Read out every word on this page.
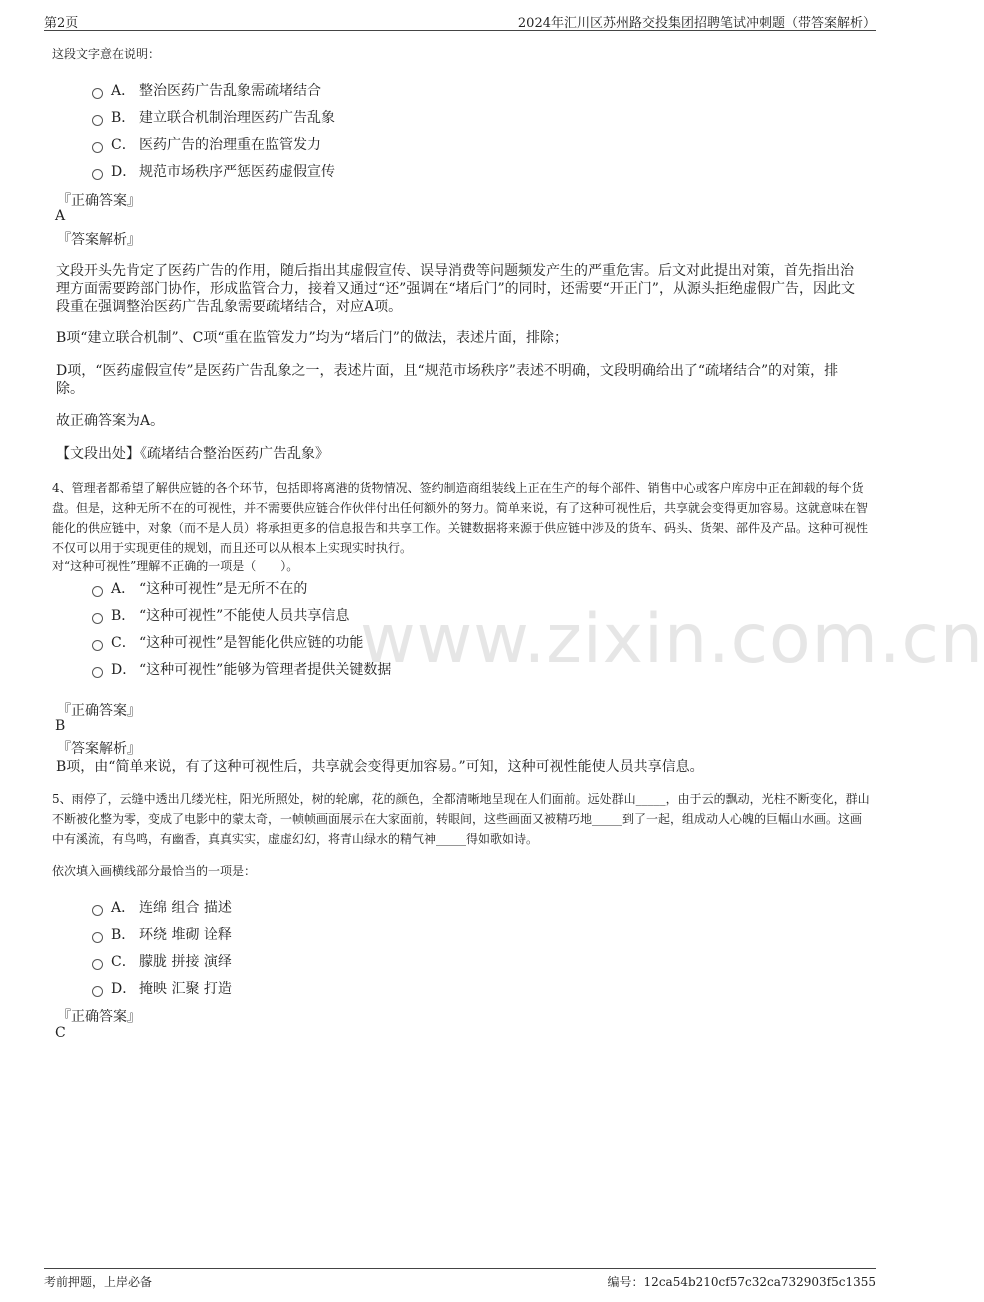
第2页	2024年汇川区苏州路交投集团招聘笔试冲刺题（带答案解析）
www.zixin.com.cn
这段文字意在说明：
A． 整治医药广告乱象需疏堵结合
B． 建立联合机制治理医药广告乱象
C． 医药广告的治理重在监管发力
D． 规范市场秩序严惩医药虚假宣传
『正确答案』
A
『答案解析』
文段开头先肯定了医药广告的作用，随后指出其虚假宣传、误导消费等问题频发产生的严重危害。后文对此提出对策，首先指出治理方面需要跨部门协作，形成监管合力，接着又通过“还”强调在“堵后门”的同时，还需要“开正门”，从源头拒绝虚假广告，因此文段重在强调整治医药广告乱象需要疏堵结合，对应A项。
B项“建立联合机制”、C项“重在监管发力”均为“堵后门”的做法，表述片面，排除；
D项，“医药虚假宣传”是医药广告乱象之一，表述片面，且“规范市场秩序”表述不明确，文段明确给出了“疏堵结合”的对策，排除。
故正确答案为A。
【文段出处】《疏堵结合整治医药广告乱象》
4、管理者都希望了解供应链的各个环节，包括即将离港的货物情况、签约制造商组装线上正在生产的每个部件、销售中心或客户库房中正在卸载的每个货盘。但是，这种无所不在的可视性，并不需要供应链合作伙伴付出任何额外的努力。简单来说，有了这种可视性后，共享就会变得更加容易。这就意味在智能化的供应链中，对象（而不是人员）将承担更多的信息报告和共享工作。关键数据将来源于供应链中涉及的货车、码头、货架、部件及产品。这种可视性不仅可以用于实现更佳的规划，而且还可以从根本上实现实时执行。
对“这种可视性”理解不正确的一项是（　　）。
A． “这种可视性”是无所不在的
B． “这种可视性”不能使人员共享信息
C． “这种可视性”是智能化供应链的功能
D． “这种可视性”能够为管理者提供关键数据
『正确答案』
B
『答案解析』
B项，由“简单来说，有了这种可视性后，共享就会变得更加容易。”可知，这种可视性能使人员共享信息。
5、雨停了，云缝中透出几缕光柱，阳光所照处，树的轮廓，花的颜色，全都清晰地呈现在人们面前。远处群山_____，由于云的飘动，光柱不断变化，群山不断被化整为零，变成了电影中的蒙太奇，一帧帧画面展示在大家面前，转眼间，这些画面又被精巧地_____到了一起，组成动人心魄的巨幅山水画。这画中有溪流，有鸟鸣，有幽香，真真实实，虚虚幻幻，将青山绿水的精气神_____得如歌如诗。
依次填入画横线部分最恰当的一项是：
A． 连绵 组合 描述
B． 环绕 堆砌 诠释
C． 朦胧 拼接 演绎
D． 掩映 汇聚 打造
『正确答案』
C
考前押题，上岸必备	编号：12ca54b210cf57c32ca732903f5c1355
